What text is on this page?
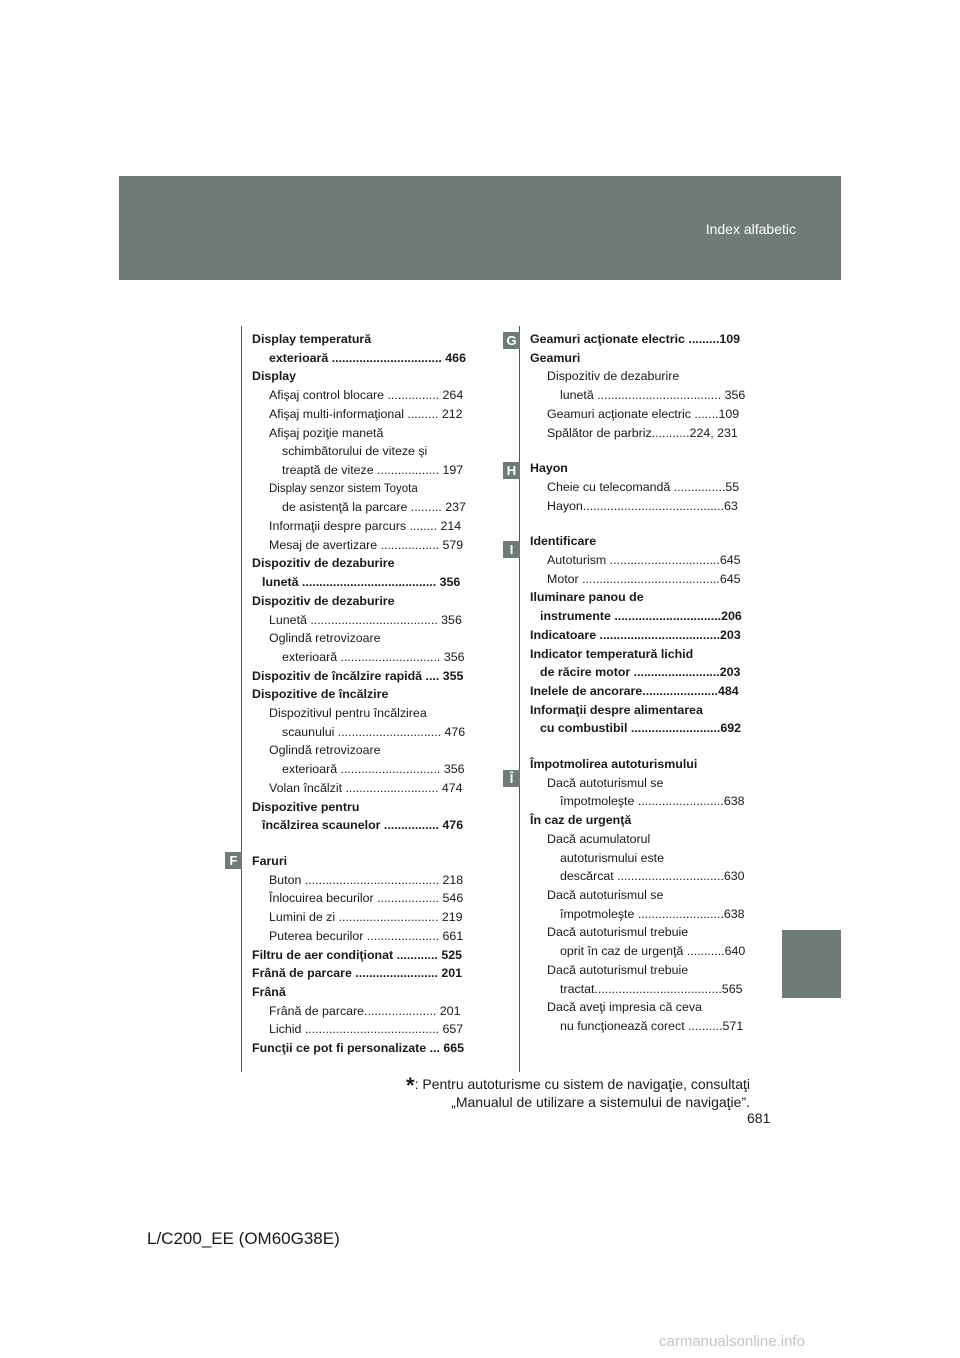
Index alfabetic
G
H
I
Î
F
Display temperatură
exterioară ................................ 466
Display
Afişaj control blocare ............... 264
Afişaj multi-informaţional ......... 212
Afişaj poziţie manetă
schimbătorului de viteze şi
treaptă de viteze .................. 197
Display senzor sistem Toyota
de asistenţă la parcare ......... 237
Informaţii despre parcurs ........ 214
Mesaj de avertizare ................. 579
Dispozitiv de dezaburire
lunetă ....................................... 356
Dispozitiv de dezaburire
Lunetă ..................................... 356
Oglindă retrovizoare
exterioară ............................. 356
Dispozitiv de încălzire rapidă .... 355
Dispozitive de încălzire
Dispozitivul pentru încălzirea
scaunului .............................. 476
Oglindă retrovizoare
exterioară ............................. 356
Volan încălzit ........................... 474
Dispozitive pentru
încălzirea scaunelor ................ 476
Faruri
Buton ....................................... 218
Înlocuirea becurilor .................. 546
Lumini de zi ............................. 219
Puterea becurilor ..................... 661
Filtru de aer condiţionat ............ 525
Frână de parcare ........................ 201
Frână
Frână de parcare..................... 201
Lichid ....................................... 657
Funcţii ce pot fi personalizate ... 665
Geamuri acţionate electric .........109
Geamuri
Dispozitiv de dezaburire
lunetă .................................... 356
Geamuri acţionate electric .......109
Spălător de parbriz...........224, 231
Hayon
Cheie cu telecomandă ...............55
Hayon.........................................63
Identificare
Autoturism ................................645
Motor ........................................645
Iluminare panou de
instrumente ...............................206
Indicatoare ...................................203
Indicator temperatură lichid
de răcire motor .........................203
Inelele de ancorare......................484
Informaţii despre alimentarea
cu combustibil ..........................692
Împotmolirea autoturismului
Dacă autoturismul se
împotmoleşte .........................638
În caz de urgenţă
Dacă acumulatorul
autoturismului este
descărcat ...............................630
Dacă autoturismul se
împotmoleşte .........................638
Dacă autoturismul trebuie
oprit în caz de urgenţă ...........640
Dacă autoturismul trebuie
tractat.....................................565
Dacă aveţi impresia că ceva
nu funcţionează corect ..........571
*: Pentru autoturisme cu sistem de navigaţie, consultaţi
„Manualul de utilizare a sistemului de navigaţie”.
681
L/C200_EE (OM60G38E)
carmanualsonline.info
